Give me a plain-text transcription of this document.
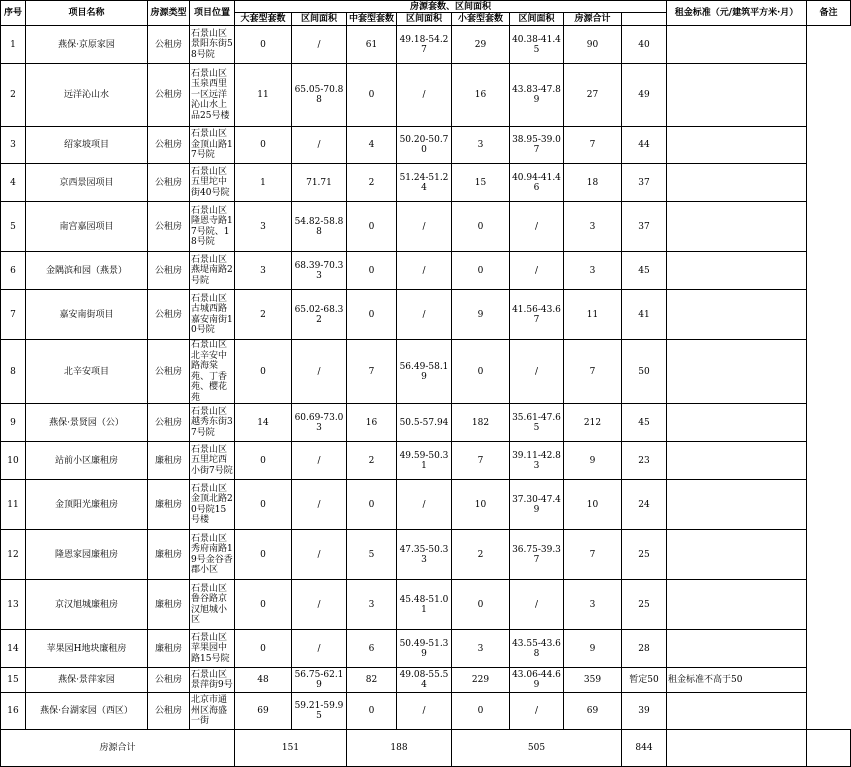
序号	项目名称	房源类型	项目位置	房源套数、区间面积								租金标准（元/建筑平方米·月）	备注
				大套型套数	区间面积	中套型套数	区间面积	小套型套数	区间面积	房源合计			
1	燕保·京原家园	公租房	石景山区景阳东街58号院	0	/	61	49.18-54.27	29	40.38-41.45	90	40		
2	远洋沁山水	公租房	石景山区玉泉西里一区远洋沁山水上品25号楼	11	65.05-70.88	0	/	16	43.83-47.89	27	49		
3	绍家坡项目	公租房	石景山区金顶山路17号院	0	/	4	50.20-50.70	3	38.95-39.07	7	44		
4	京西景园项目	公租房	石景山区五里坨中街40号院	1	71.71	2	51.24-51.24	15	40.94-41.46	18	37		
5	南宫嘉园项目	公租房	石景山区隆恩寺路17号院、18号院	3	54.82-58.88	0	/	0	/	3	37		
6	金隅滨和园（燕景）	公租房	石景山区燕堤南路2号院	3	68.39-70.33	0	/	0	/	3	45		
7	嘉安南街项目	公租房	石景山区古城西路嘉安南街10号院	2	65.02-68.32	0	/	9	41.56-43.67	11	41		
8	北辛安项目	公租房	石景山区北辛安中路海棠苑、丁香苑、樱花苑	0	/	7	56.49-58.19	0	/	7	50		
9	燕保·景贤园（公）	公租房	石景山区越秀东街37号院	14	60.69-73.03	16	50.5-57.94	182	35.61-47.65	212	45		
10	站前小区廉租房	廉租房	石景山区五里坨西小街7号院	0	/	2	49.59-50.31	7	39.11-42.83	9	23		
11	金顶阳光廉租房	廉租房	石景山区金顶北路20号院15号楼	0	/	0	/	10	37.30-47.49	10	24		
12	隆恩家园廉租房	廉租房	石景山区秀府南路19号金谷香郡小区	0	/	5	47.35-50.33	2	36.75-39.37	7	25		
13	京汉旭城廉租房	廉租房	石景山区鲁谷路京汉旭城小区	0	/	3	45.48-51.01	0	/	3	25		
14	苹果园H地块廉租房	廉租房	石景山区苹果园中路15号院	0	/	6	50.49-51.39	3	43.55-43.68	9	28		
15	燕保·景萍家园	公租房	石景山区景萍街9号	48	56.75-62.19	82	49.08-55.54	229	43.06-44.69	359	暂定50	租金标准不高于50	
16	燕保·台湖家园（西区）	公租房	北京市通州区海盛一街	69	59.21-59.95	0	/	0	/	69	39		
房源合计				151		188		505			844		
